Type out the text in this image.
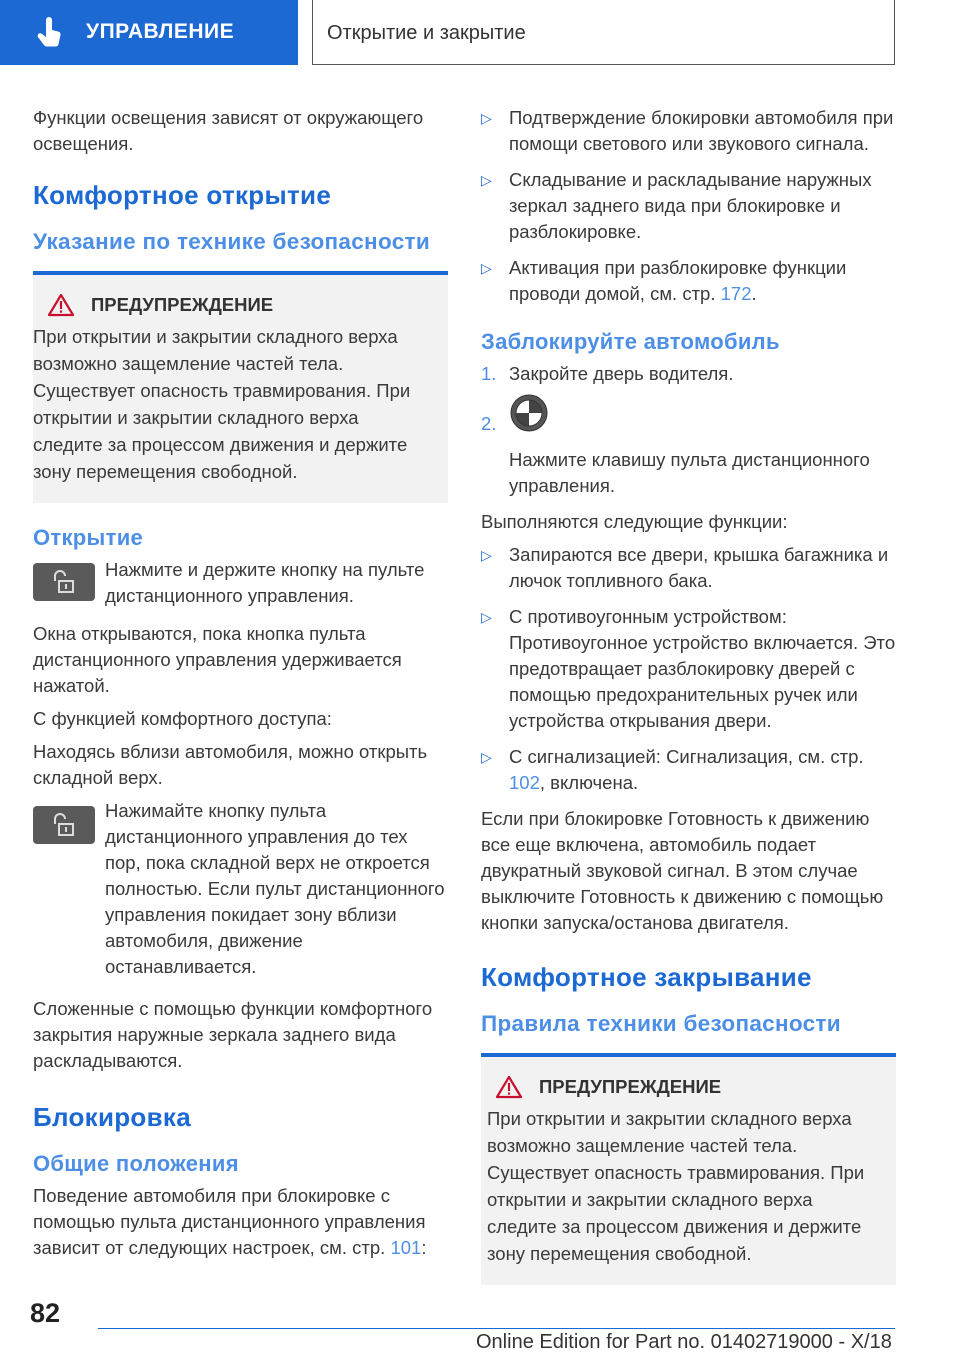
УПРАВЛЕНИЕ	Открытие и закрытие

Функции освещения зависят от окружающего освещения.

Комфортное открытие
Указание по технике безопасности
ПРЕДУПРЕЖДЕНИЕ
При открытии и закрытии складного верха возможно защемление частей тела. Существует опасность травмирования. При открытии и закрытии складного верха следите за процессом движения и держите зону перемещения свободной.
Открытие
Нажмите и держите кнопку на пульте дистанционного управления.

Окна открываются, пока кнопка пульта дистанционного управления удерживается нажатой.

С функцией комфортного доступа:

Находясь вблизи автомобиля, можно открыть складной верх.

Нажимайте кнопку пульта дистанционного управления до тех пор, пока складной верх не откроется полностью. Если пульт дистанционного управления покидает зону вблизи автомобиля, движение останавливается.

Сложенные с помощью функции комфортного закрытия наружные зеркала заднего вида раскладываются.

Блокировка
Общие положения

Поведение автомобиля при блокировке с помощью пульта дистанционного управления зависит от следующих настроек, см. стр. 101:

▷ Подтверждение блокировки автомобиля при помощи светового или звукового сигнала.
▷ Складывание и раскладывание наружных зеркал заднего вида при блокировке и разблокировке.
▷ Активация при разблокировке функции проводи домой, см. стр. 172.
Заблокируйте автомобиль
1. Закройте дверь водителя.
2.
Нажмите клавишу пульта дистанционного управления.

Выполняются следующие функции:

▷ Запираются все двери, крышка багажника и лючок топливного бака.
▷ С противоугонным устройством: Противоугонное устройство включается. Это предотвращает разблокировку дверей с помощью предохранительных ручек или устройства открывания двери.
▷ С сигнализацией: Сигнализация, см. стр. 102, включена.

Если при блокировке Готовность к движению все еще включена, автомобиль подает двукратный звуковой сигнал. В этом случае выключите Готовность к движению с помощью кнопки запуска/останова двигателя.

Комфортное закрывание
Правила техники безопасности
ПРЕДУПРЕЖДЕНИЕ
При открытии и закрытии складного верха возможно защемление частей тела. Существует опасность травмирования. При открытии и закрытии складного верха следите за процессом движения и держите зону перемещения свободной.
82
Online Edition for Part no. 01402719000 - X/18
